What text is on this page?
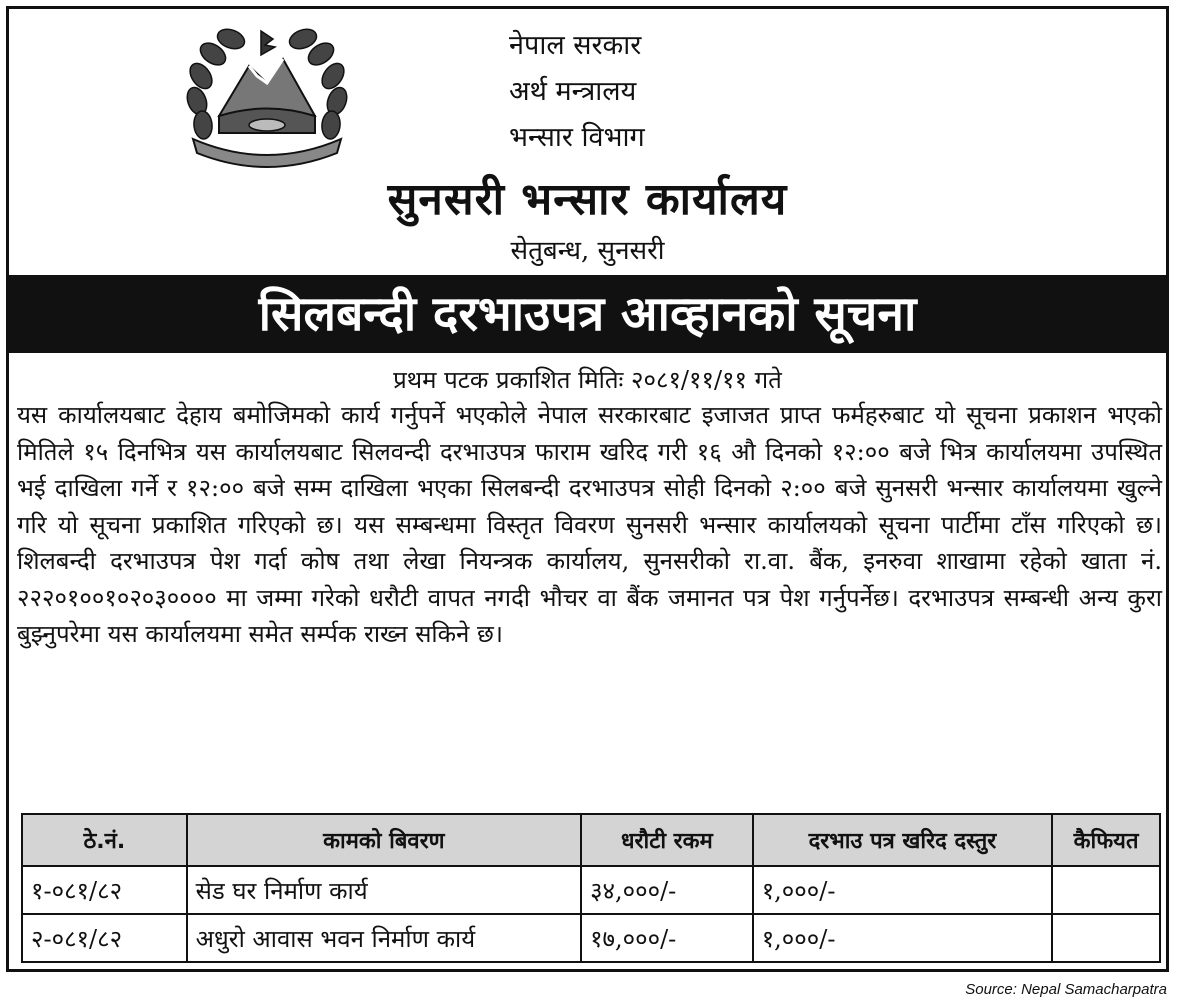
नेपाल सरकार
अर्थ मन्त्रालय
भन्सार विभाग
सुनसरी भन्सार कार्यालय
सेतुबन्ध, सुनसरी
सिलबन्दी दरभाउपत्र आव्हानको सूचना
प्रथम पटक प्रकाशित मितिः २०८१/११/११ गते
यस कार्यालयबाट देहाय बमोजिमको कार्य गर्नुपर्ने भएकोले नेपाल सरकारबाट इजाजत प्राप्त फर्महरुबाट यो सूचना प्रकाशन भएको मितिले १५ दिनभित्र यस कार्यालयबाट सिलवन्दी दरभाउपत्र फाराम खरिद गरी १६ औ दिनको १२:०० बजे भित्र कार्यालयमा उपस्थित भई दाखिला गर्ने र १२:०० बजे सम्म दाखिला भएका सिलबन्दी दरभाउपत्र सोही दिनको २:०० बजे सुनसरी भन्सार कार्यालयमा खुल्ने गरि यो सूचना प्रकाशित गरिएको छ। यस सम्बन्धमा विस्तृत विवरण सुनसरी भन्सार कार्यालयको सूचना पार्टीमा टाँस गरिएको छ। शिलबन्दी दरभाउपत्र पेश गर्दा कोष तथा लेखा नियन्त्रक कार्यालय, सुनसरीको रा.वा. बैंक, इनरुवा शाखामा रहेको खाता नं. २२२०१००१०२०३०००० मा जम्मा गरेको धरौटी वापत नगदी भौचर वा बैंक जमानत पत्र पेश गर्नुपर्नेछ। दरभाउपत्र सम्बन्धी अन्य कुरा बुझ्नुपरेमा यस कार्यालयमा समेत सर्म्पक राख्न सकिने छ।
ठे.नं.	कामको बिवरण	धरौटी रकम	दरभाउ पत्र खरिद दस्तुर	कैफियत
१-०८१/८२	सेड घर निर्माण कार्य	३४,०००/-	१,०००/-	
२-०८१/८२	अधुरो आवास भवन निर्माण कार्य	१७,०००/-	१,०००/-	
Source: Nepal Samacharpatra
